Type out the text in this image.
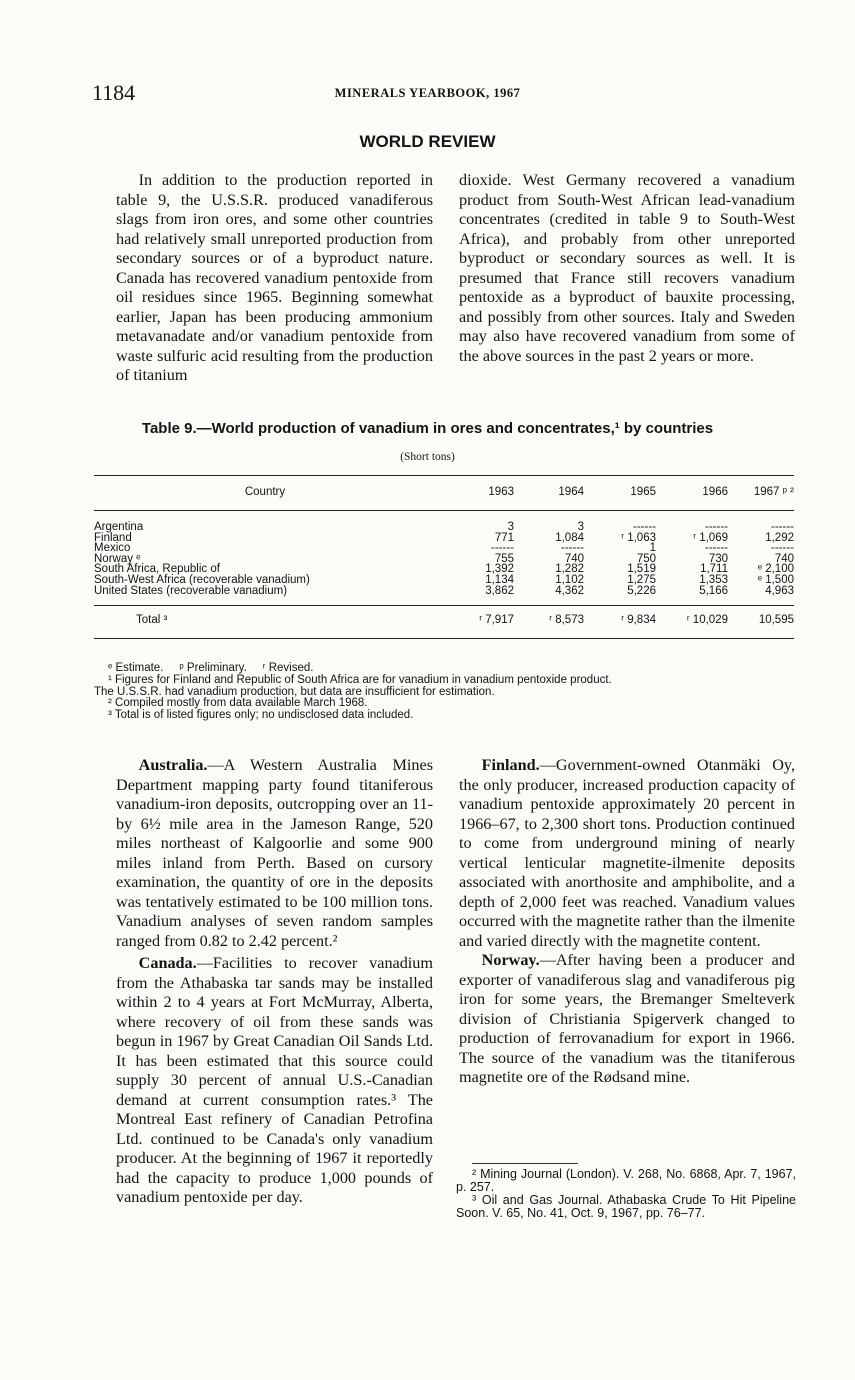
1184	MINERALS YEARBOOK, 1967
WORLD REVIEW

In addition to the production reported in table 9, the U.S.S.R. produced vanadiferous slags from iron ores, and some other countries had relatively small unreported production from secondary sources or of a byproduct nature. Canada has recovered vanadium pentoxide from oil residues since 1965. Beginning somewhat earlier, Japan has been producing ammonium metavanadate and/or vanadium pentoxide from waste sulfuric acid resulting from the production of titanium

dioxide. West Germany recovered a vanadium product from South-West African lead-vanadium concentrates (credited in table 9 to South-West Africa), and probably from other unreported byproduct or secondary sources as well. It is presumed that France still recovers vanadium pentoxide as a byproduct of bauxite processing, and possibly from other sources. Italy and Sweden may also have recovered vanadium from some of the above sources in the past 2 years or more.

Table 9.—World production of vanadium in ores and concentrates,¹ by countries
(Short tons)
Country	1963	1964	1965	1966	1967 ᵖ ²
Argentina	3	3	------	------	------
Finland	771	1,084	ʳ 1,063	ʳ 1,069	1,292
Mexico	------	------	1	------	------
Norway ᵉ	755	740	750	730	740
South Africa, Republic of	1,392	1,282	1,519	1,711	ᵉ 2,100
South-West Africa (recoverable vanadium)	1,134	1,102	1,275	1,353	ᵉ 1,500
United States (recoverable vanadium)	3,862	4,362	5,226	5,166	4,963
Total ³	ʳ 7,917	ʳ 8,573	ʳ 9,834	ʳ 10,029	10,595
ᵉ Estimate.     ᵖ Preliminary.     ʳ Revised.
¹ Figures for Finland and Republic of South Africa are for vanadium in vanadium pentoxide product.
The U.S.S.R. had vanadium production, but data are insufficient for estimation.
² Compiled mostly from data available March 1968.
³ Total is of listed figures only; no undisclosed data included.

Australia.—A Western Australia Mines Department mapping party found titaniferous vanadium-iron deposits, outcropping over an 11- by 6½ mile area in the Jameson Range, 520 miles northeast of Kalgoorlie and some 900 miles inland from Perth. Based on cursory examination, the quantity of ore in the deposits was tentatively estimated to be 100 million tons. Vanadium analyses of seven random samples ranged from 0.82 to 2.42 percent.²

Canada.—Facilities to recover vanadium from the Athabaska tar sands may be installed within 2 to 4 years at Fort McMurray, Alberta, where recovery of oil from these sands was begun in 1967 by Great Canadian Oil Sands Ltd. It has been estimated that this source could supply 30 percent of annual U.S.-Canadian demand at current consumption rates.³ The Montreal East refinery of Canadian Petrofina Ltd. continued to be Canada's only vanadium producer. At the beginning of 1967 it reportedly had the capacity to produce 1,000 pounds of vanadium pentoxide per day.

Finland.—Government-owned Otanmäki Oy, the only producer, increased production capacity of vanadium pentoxide approximately 20 percent in 1966–67, to 2,300 short tons. Production continued to come from underground mining of nearly vertical lenticular magnetite-ilmenite deposits associated with anorthosite and amphibolite, and a depth of 2,000 feet was reached. Vanadium values occurred with the magnetite rather than the ilmenite and varied directly with the magnetite content.

Norway.—After having been a producer and exporter of vanadiferous slag and vanadiferous pig iron for some years, the Bremanger Smelteverk division of Christiania Spigerverk changed to production of ferrovanadium for export in 1966. The source of the vanadium was the titaniferous magnetite ore of the Rødsand mine.

² Mining Journal (London). V. 268, No. 6868, Apr. 7, 1967, p. 257.

³ Oil and Gas Journal. Athabaska Crude To Hit Pipeline Soon. V. 65, No. 41, Oct. 9, 1967, pp. 76–77.
